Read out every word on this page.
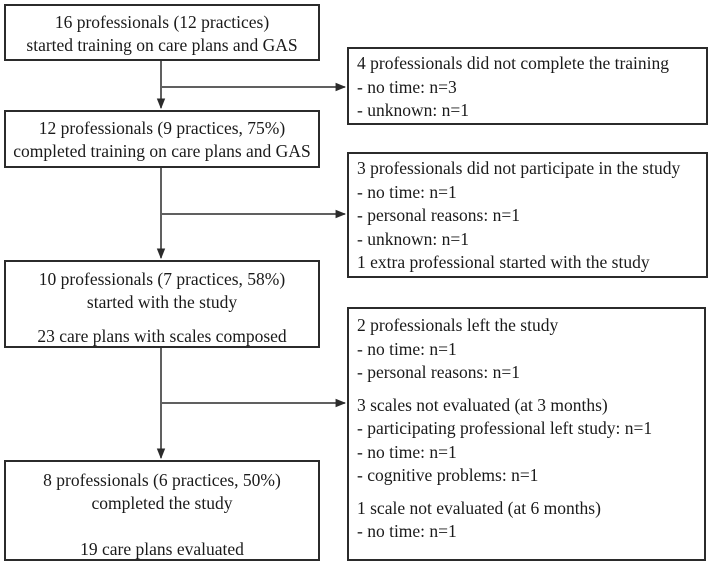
16 professionals (12 practices)
started training on care plans and GAS
12 professionals (9 practices, 75%)
completed training on care plans and GAS
10 professionals (7 practices, 58%)
started with the study
23 care plans with scales composed
8 professionals (6 practices, 50%)
completed the study
19 care plans evaluated
4 professionals did not complete the training
- no time: n=3
- unknown: n=1
3 professionals did not participate in the study
- no time: n=1
- personal reasons: n=1
- unknown: n=1
1 extra professional started with the study
2 professionals left the study
- no time: n=1
- personal reasons: n=1
3 scales not evaluated (at 3 months)
- participating professional left study: n=1
- no time: n=1
- cognitive problems: n=1
1 scale not evaluated (at 6 months)
- no time: n=1
